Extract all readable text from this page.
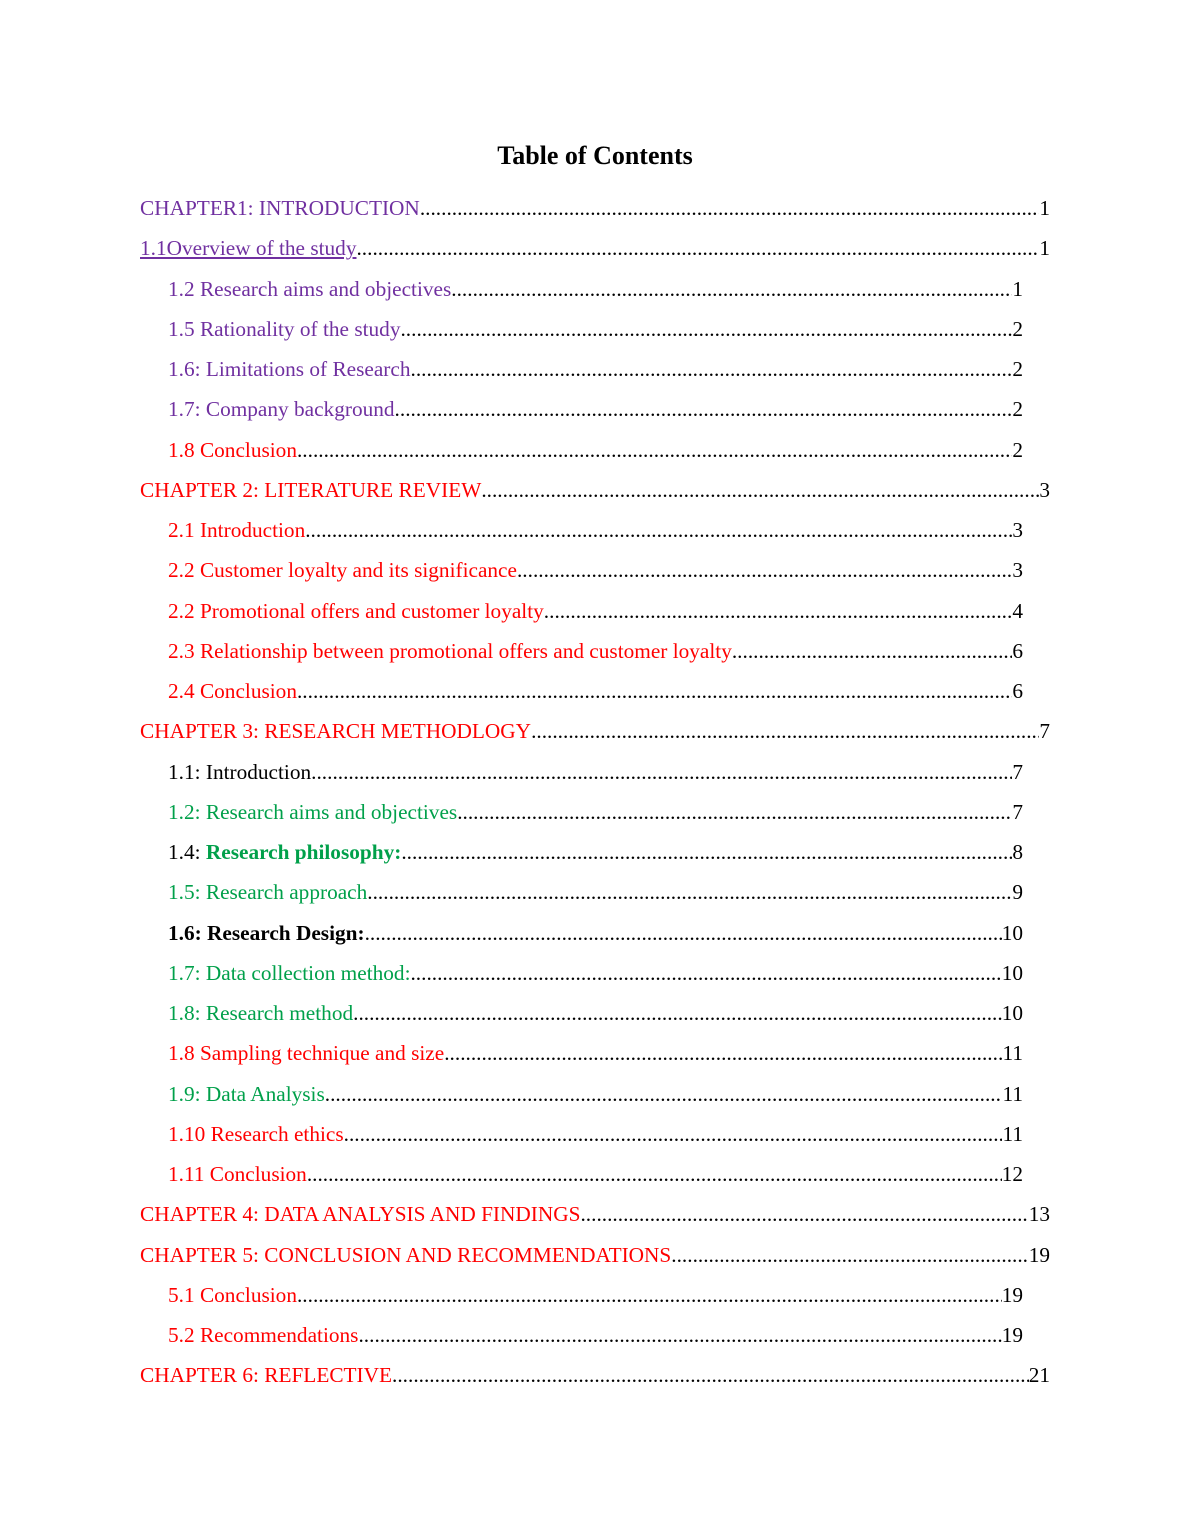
Table of Contents
CHAPTER1: INTRODUCTION .....	1
1.1Overview of the study .....	1
1.2 Research aims and objectives .....	1
1.5 Rationality of the study .....	2
1.6: Limitations of Research .....	2
1.7: Company background .....	2
1.8 Conclusion .....	2
CHAPTER 2: LITERATURE REVIEW .....	3
2.1 Introduction .....	3
2.2 Customer loyalty and its significance .....	3
2.2 Promotional offers and customer loyalty .....	4
2.3 Relationship between promotional offers and customer loyalty .....	6
2.4 Conclusion .....	6
CHAPTER 3: RESEARCH METHODLOGY .....	7
1.1: Introduction .....	7
1.2: Research aims and objectives .....	7
1.4: Research philosophy: .....	8
1.5: Research approach .....	9
1.6: Research Design: .....	10
1.7: Data collection method: .....	10
1.8: Research method .....	10
1.8 Sampling technique and size .....	11
1.9: Data Analysis .....	11
1.10 Research ethics .....	11
1.11 Conclusion .....	12
CHAPTER 4: DATA ANALYSIS AND FINDINGS .....	13
CHAPTER 5: CONCLUSION AND RECOMMENDATIONS .....	19
5.1 Conclusion .....	19
5.2 Recommendations .....	19
CHAPTER 6: REFLECTIVE .....	21
